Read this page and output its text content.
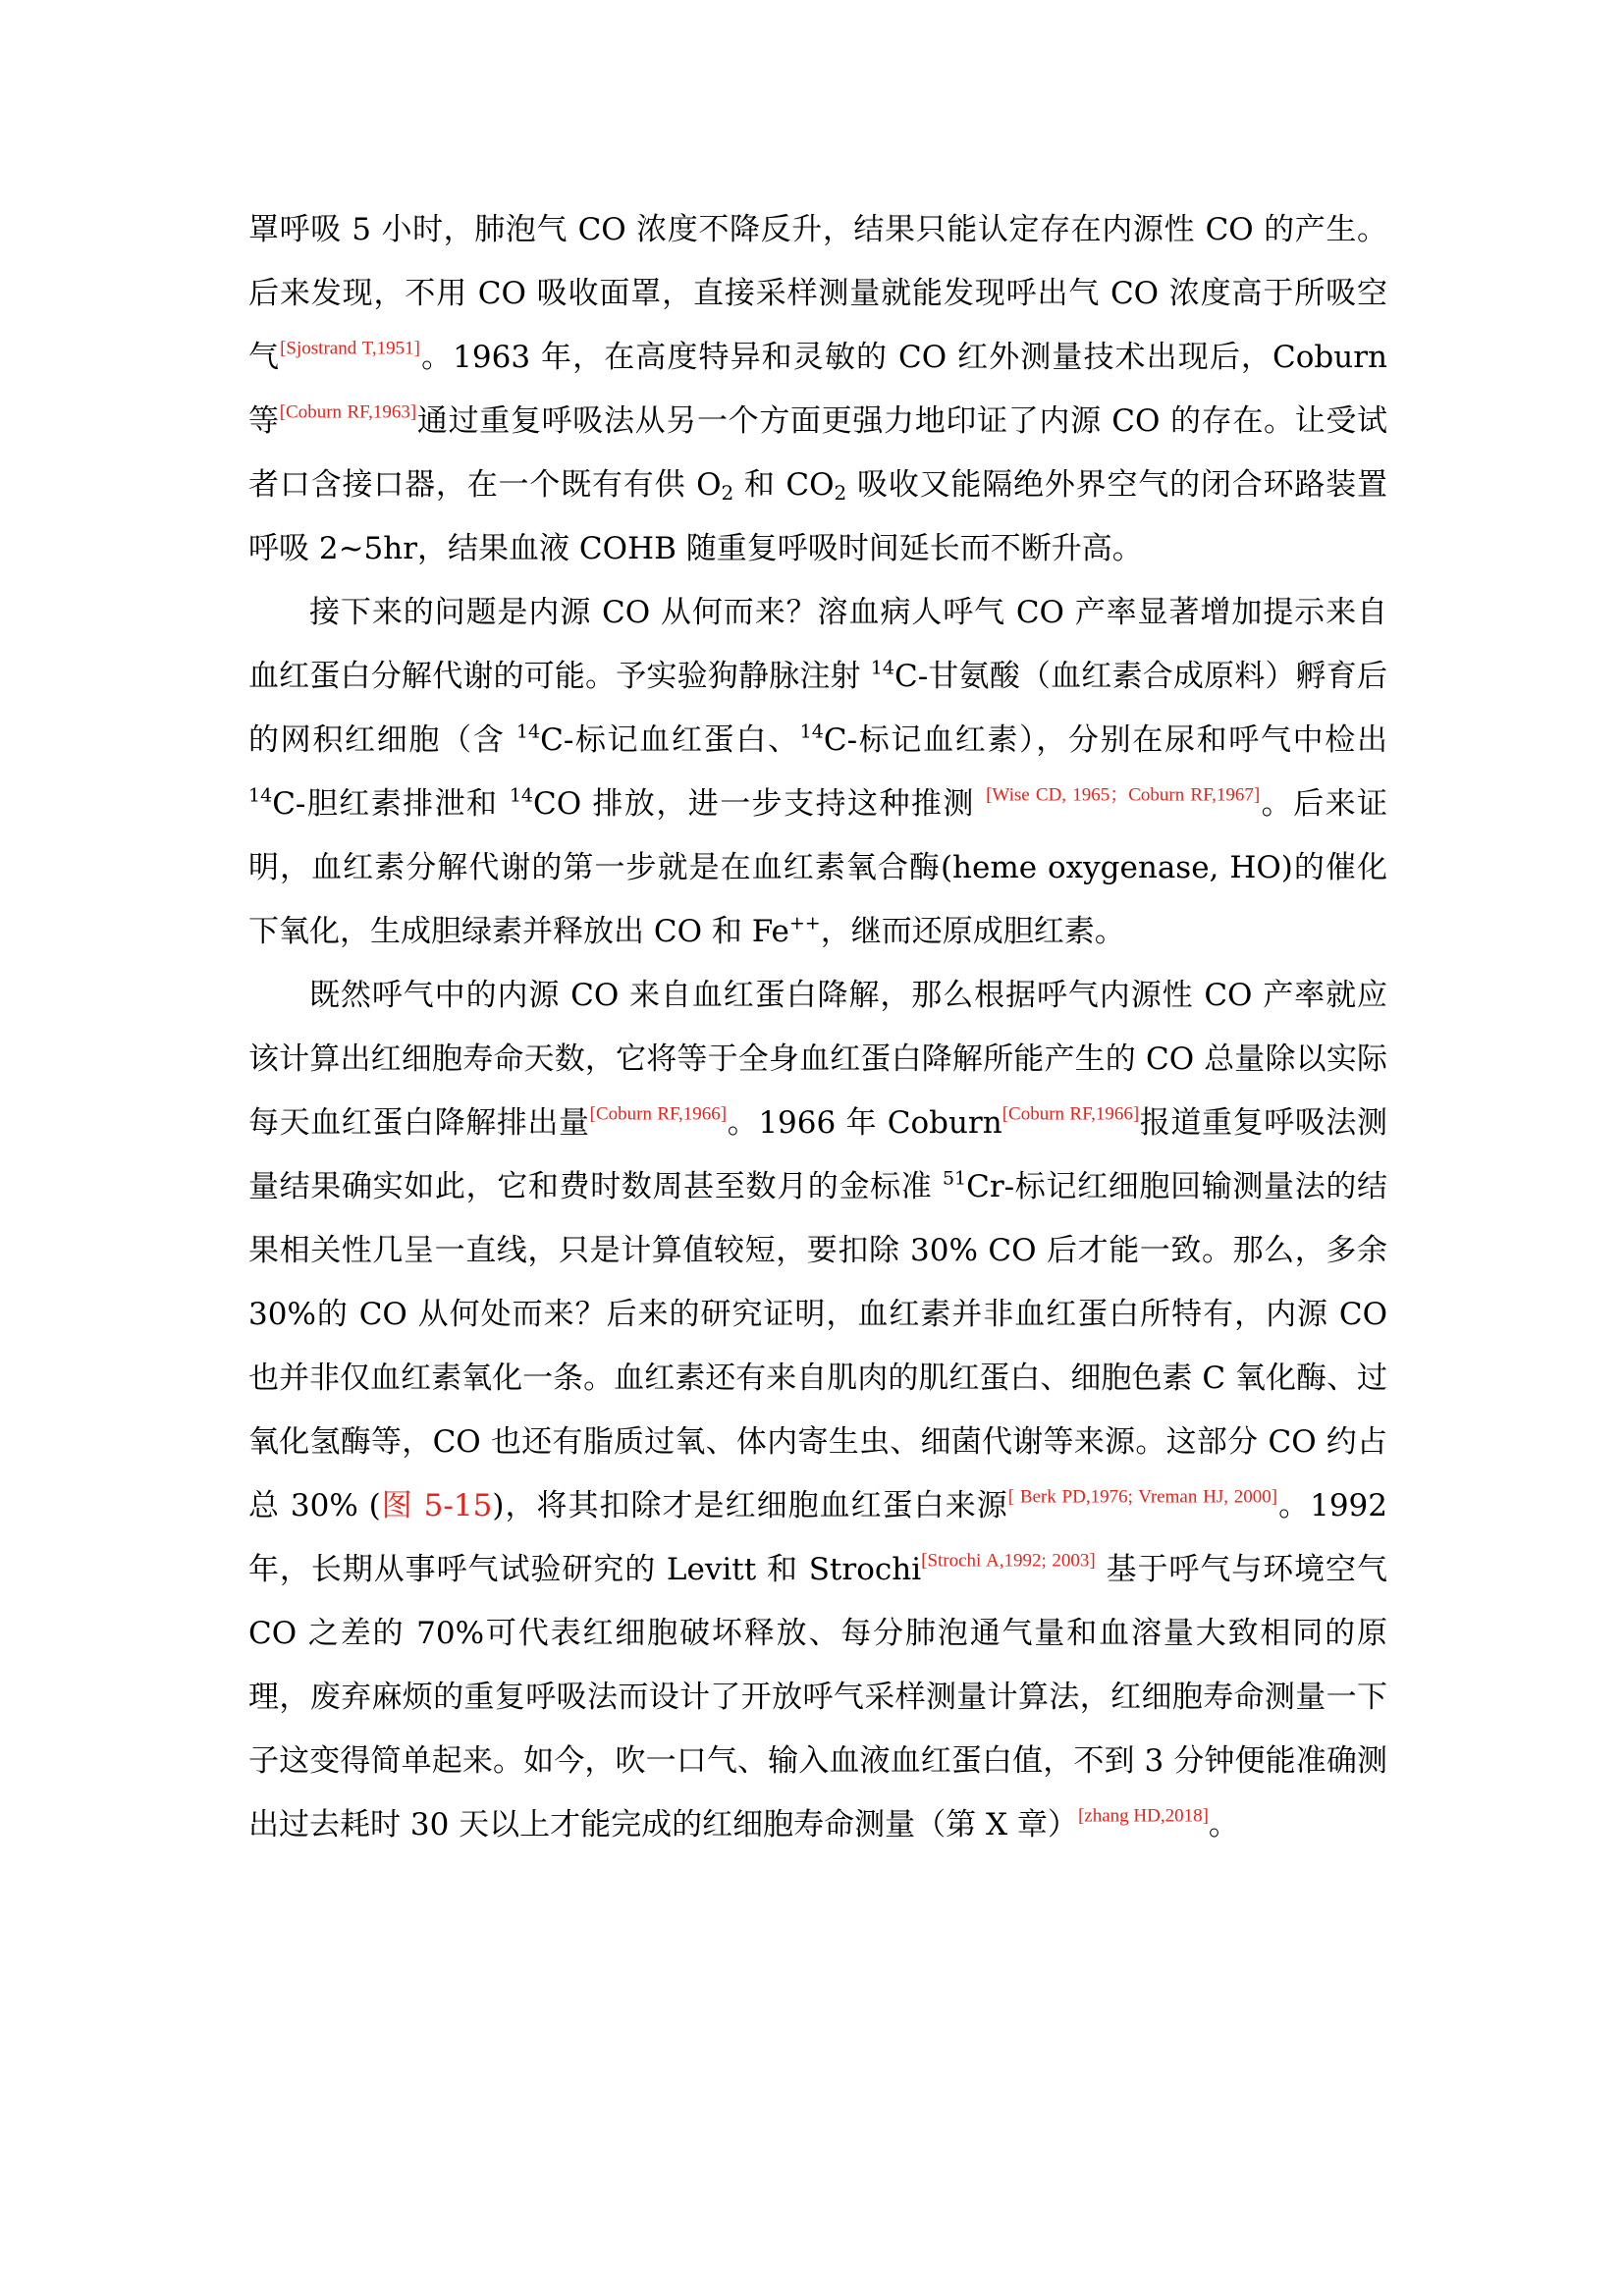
罩呼吸 5 小时，肺泡气 CO 浓度不降反升，结果只能认定存在内源性 CO 的产生。后来发现，不用 CO 吸收面罩，直接采样测量就能发现呼出气 CO 浓度高于所吸空气[Sjostrand T,1951]。1963 年，在高度特异和灵敏的 CO 红外测量技术出现后，Coburn 等[Coburn RF,1963]通过重复呼吸法从另一个方面更强力地印证了内源 CO 的存在。让受试者口含接口器，在一个既有有供 $O_2$ 和 $CO_2$ 吸收又能隔绝外界空气的闭合环路装置呼吸 2~5hr，结果血液 COHB 随重复呼吸时间延长而不断升高。

接下来的问题是内源 CO 从何而来？溶血病人呼气 CO 产率显著增加提示来自血红蛋白分解代谢的可能。予实验狗静脉注射 $^{14}$C-甘氨酸（血红素合成原料）孵育后的网积红细胞（含 $^{14}$C-标记血红蛋白、$^{14}$C-标记血红素），分别在尿和呼气中检出 $^{14}$C-胆红素排泄和 $^{14}$CO 排放，进一步支持这种推测 [Wise CD, 1965；Coburn RF,1967]。后来证明，血红素分解代谢的第一步就是在血红素氧合酶(heme oxygenase, HO)的催化下氧化，生成胆绿素并释放出 CO 和 Fe++，继而还原成胆红素。

既然呼气中的内源 CO 来自血红蛋白降解，那么根据呼气内源性 CO 产率就应该计算出红细胞寿命天数，它将等于全身血红蛋白降解所能产生的 CO 总量除以实际每天血红蛋白降解排出量[Coburn RF,1966]。1966 年 Coburn[Coburn RF,1966]报道重复呼吸法测量结果确实如此，它和费时数周甚至数月的金标准 $^{51}$Cr-标记红细胞回输测量法的结果相关性几呈一直线，只是计算值较短，要扣除 30% CO 后才能一致。那么，多余 30%的 CO 从何处而来？后来的研究证明，血红素并非血红蛋白所特有，内源 CO 也并非仅血红素氧化一条。血红素还有来自肌肉的肌红蛋白、细胞色素 C 氧化酶、过氧化氢酶等，CO 也还有脂质过氧、体内寄生虫、细菌代谢等来源。这部分 CO 约占总 30% (图 5-15)，将其扣除才是红细胞血红蛋白来源[ Berk PD,1976; Vreman HJ, 2000]。1992 年，长期从事呼气试验研究的 Levitt 和 Strochi[Strochi A,1992; 2003] 基于呼气与环境空气 CO 之差的 70%可代表红细胞破坏释放、每分肺泡通气量和血溶量大致相同的原理，废弃麻烦的重复呼吸法而设计了开放呼气采样测量计算法，红细胞寿命测量一下子这变得简单起来。如今，吹一口气、输入血液血红蛋白值，不到 3 分钟便能准确测出过去耗时 30 天以上才能完成的红细胞寿命测量（第 X 章）[zhang HD,2018]。
